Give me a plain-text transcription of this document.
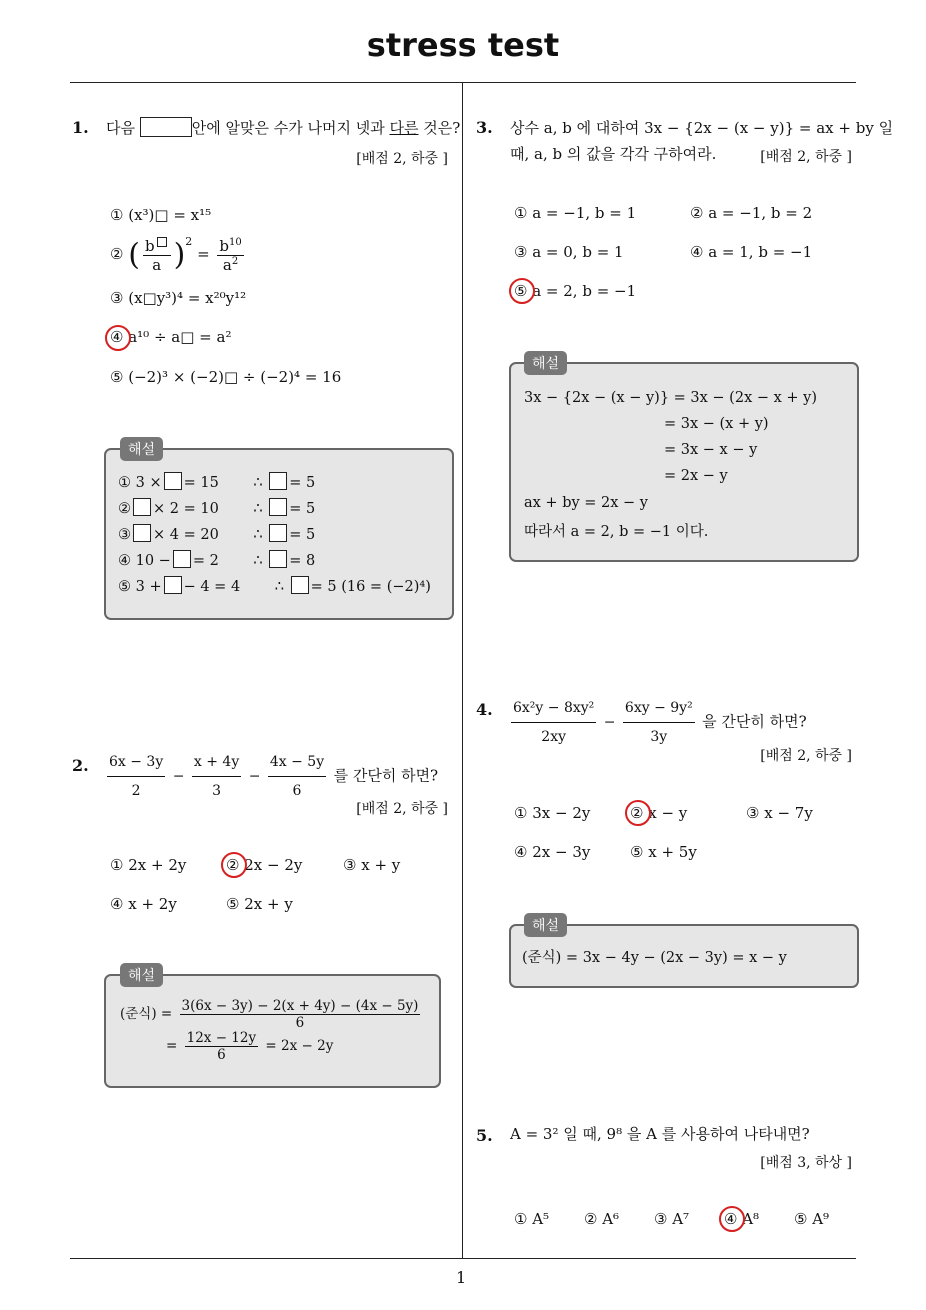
stress test
1. 다음	안에 알맞은 수가 나머지 넷과 다른 것은?
[배점 2, 하중 ]
① (x³)□ = x¹⁵
② ( $\frac{b}{a} )^2 = \frac{b^{10}}{a^2}$
③ (x□y³)⁴ = x²⁰y¹²
④ a¹⁰ ÷ a□ = a²
⑤ (−2)³ × (−2)□ ÷ (−2)⁴ = 16
해설
① 3 × = 15 ∴ = 5
② × 2 = 10 ∴ = 5
③ × 4 = 20 ∴ = 5
④ 10 − = 2 ∴ = 8
⑤ 3 + − 4 = 4 ∴ = 5 (16 = (−2)⁴)
2. $\frac{6x - 3y}{2} - \frac{x + 4y}{3} - \frac{4x - 5y}{6}$ 를 간단히 하면?
[배점 2, 하중 ]
① 2x + 2y	② 2x − 2y	③ x + y
④ x + 2y	⑤ 2x + y
해설
(준식) = $\frac{3(6x - 3y) - 2(x + 4y) - (4x - 5y)}{6}$
= $\frac{12x - 12y}{6} = 2x - 2y$
3. 상수 a, b 에 대하여 3x − {2x − (x − y)} = ax + by 일
때, a, b 의 값을 각각 구하여라.	[배점 2, 하중 ]
① a = −1, b = 1	② a = −1, b = 2
③ a = 0, b = 1	④ a = 1, b = −1
⑤ a = 2, b = −1
해설
3x − {2x − (x − y)} = 3x − (2x − x + y)
= 3x − (x + y)
= 3x − x − y
= 2x − y
ax + by = 2x − y
따라서 a = 2, b = −1 이다.
4. $\frac{\text{6x²y − 8xy²}}{2xy} - \frac{\text{6xy − 9y²}}{3y}$ 을 간단히 하면?
[배점 2, 하중 ]
① 3x − 2y	② x − y	③ x − 7y
④ 2x − 3y	⑤ x + 5y
해설
(준식) = 3x − 4y − (2x − 3y) = x − y
5. A = 3² 일 때, 9⁸ 을 A 를 사용하여 나타내면?
[배점 3, 하상 ]
① A⁵ ② A⁶ ③ A⁷ ④ A⁸ ⑤ A⁹
1
